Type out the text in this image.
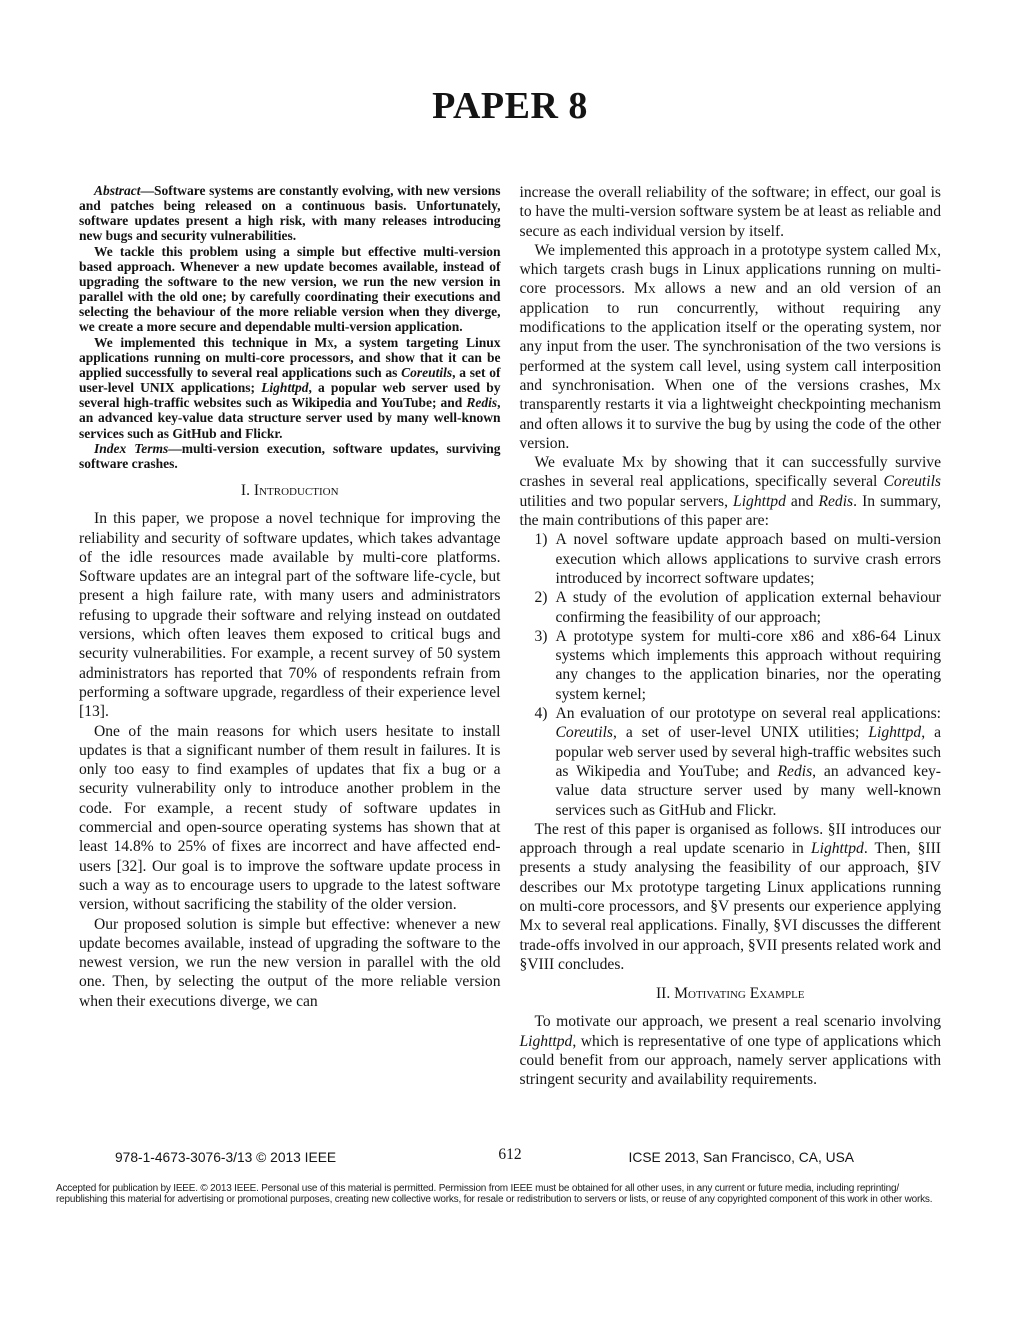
PAPER 8

Abstract—Software systems are constantly evolving, with new versions and patches being released on a continuous basis. Unfortunately, software updates present a high risk, with many releases introducing new bugs and security vulnerabilities.

We tackle this problem using a simple but effective multi-version based approach. Whenever a new update becomes available, instead of upgrading the software to the new version, we run the new version in parallel with the old one; by carefully coordinating their executions and selecting the behaviour of the more reliable version when they diverge, we create a more secure and dependable multi-version application.

We implemented this technique in Mx, a system targeting Linux applications running on multi-core processors, and show that it can be applied successfully to several real applications such as Coreutils, a set of user-level UNIX applications; Lighttpd, a popular web server used by several high-traffic websites such as Wikipedia and YouTube; and Redis, an advanced key-value data structure server used by many well-known services such as GitHub and Flickr.

Index Terms—multi-version execution, software updates, surviving software crashes.

I. Introduction

In this paper, we propose a novel technique for improving the reliability and security of software updates, which takes advantage of the idle resources made available by multi-core platforms. Software updates are an integral part of the software life-cycle, but present a high failure rate, with many users and administrators refusing to upgrade their software and relying instead on outdated versions, which often leaves them exposed to critical bugs and security vulnerabilities. For example, a recent survey of 50 system administrators has reported that 70% of respondents refrain from performing a software upgrade, regardless of their experience level [13].

One of the main reasons for which users hesitate to install updates is that a significant number of them result in failures. It is only too easy to find examples of updates that fix a bug or a security vulnerability only to introduce another problem in the code. For example, a recent study of software updates in commercial and open-source operating systems has shown that at least 14.8% to 25% of fixes are incorrect and have affected end-users [32]. Our goal is to improve the software update process in such a way as to encourage users to upgrade to the latest software version, without sacrificing the stability of the older version.

Our proposed solution is simple but effective: whenever a new update becomes available, instead of upgrading the software to the newest version, we run the new version in parallel with the old one. Then, by selecting the output of the more reliable version when their executions diverge, we can

increase the overall reliability of the software; in effect, our goal is to have the multi-version software system be at least as reliable and secure as each individual version by itself.

We implemented this approach in a prototype system called Mx, which targets crash bugs in Linux applications running on multi-core processors. Mx allows a new and an old version of an application to run concurrently, without requiring any modifications to the application itself or the operating system, nor any input from the user. The synchronisation of the two versions is performed at the system call level, using system call interposition and synchronisation. When one of the versions crashes, Mx transparently restarts it via a lightweight checkpointing mechanism and often allows it to survive the bug by using the code of the other version.

We evaluate Mx by showing that it can successfully survive crashes in several real applications, specifically several Coreutils utilities and two popular servers, Lighttpd and Redis. In summary, the main contributions of this paper are:

1) A novel software update approach based on multi-version execution which allows applications to survive crash errors introduced by incorrect software updates;
2) A study of the evolution of application external behaviour confirming the feasibility of our approach;
3) A prototype system for multi-core x86 and x86-64 Linux systems which implements this approach without requiring any changes to the application binaries, nor the operating system kernel;
4) An evaluation of our prototype on several real applications: Coreutils, a set of user-level UNIX utilities; Lighttpd, a popular web server used by several high-traffic websites such as Wikipedia and YouTube; and Redis, an advanced key-value data structure server used by many well-known services such as GitHub and Flickr.

The rest of this paper is organised as follows. §II introduces our approach through a real update scenario in Lighttpd. Then, §III presents a study analysing the feasibility of our approach, §IV describes our Mx prototype targeting Linux applications running on multi-core processors, and §V presents our experience applying Mx to several real applications. Finally, §VI discusses the different trade-offs involved in our approach, §VII presents related work and §VIII concludes.

II. Motivating Example

To motivate our approach, we present a real scenario involving Lighttpd, which is representative of one type of applications which could benefit from our approach, namely server applications with stringent security and availability requirements.

978-1-4673-3076-3/13 © 2013 IEEE	612	ICSE 2013, San Francisco, CA, USA
Accepted for publication by IEEE. © 2013 IEEE. Personal use of this material is permitted. Permission from IEEE must be obtained for all other uses, in any current or future media, including reprinting/
republishing this material for advertising or promotional purposes, creating new collective works, for resale or redistribution to servers or lists, or reuse of any copyrighted component of this work in other works.
